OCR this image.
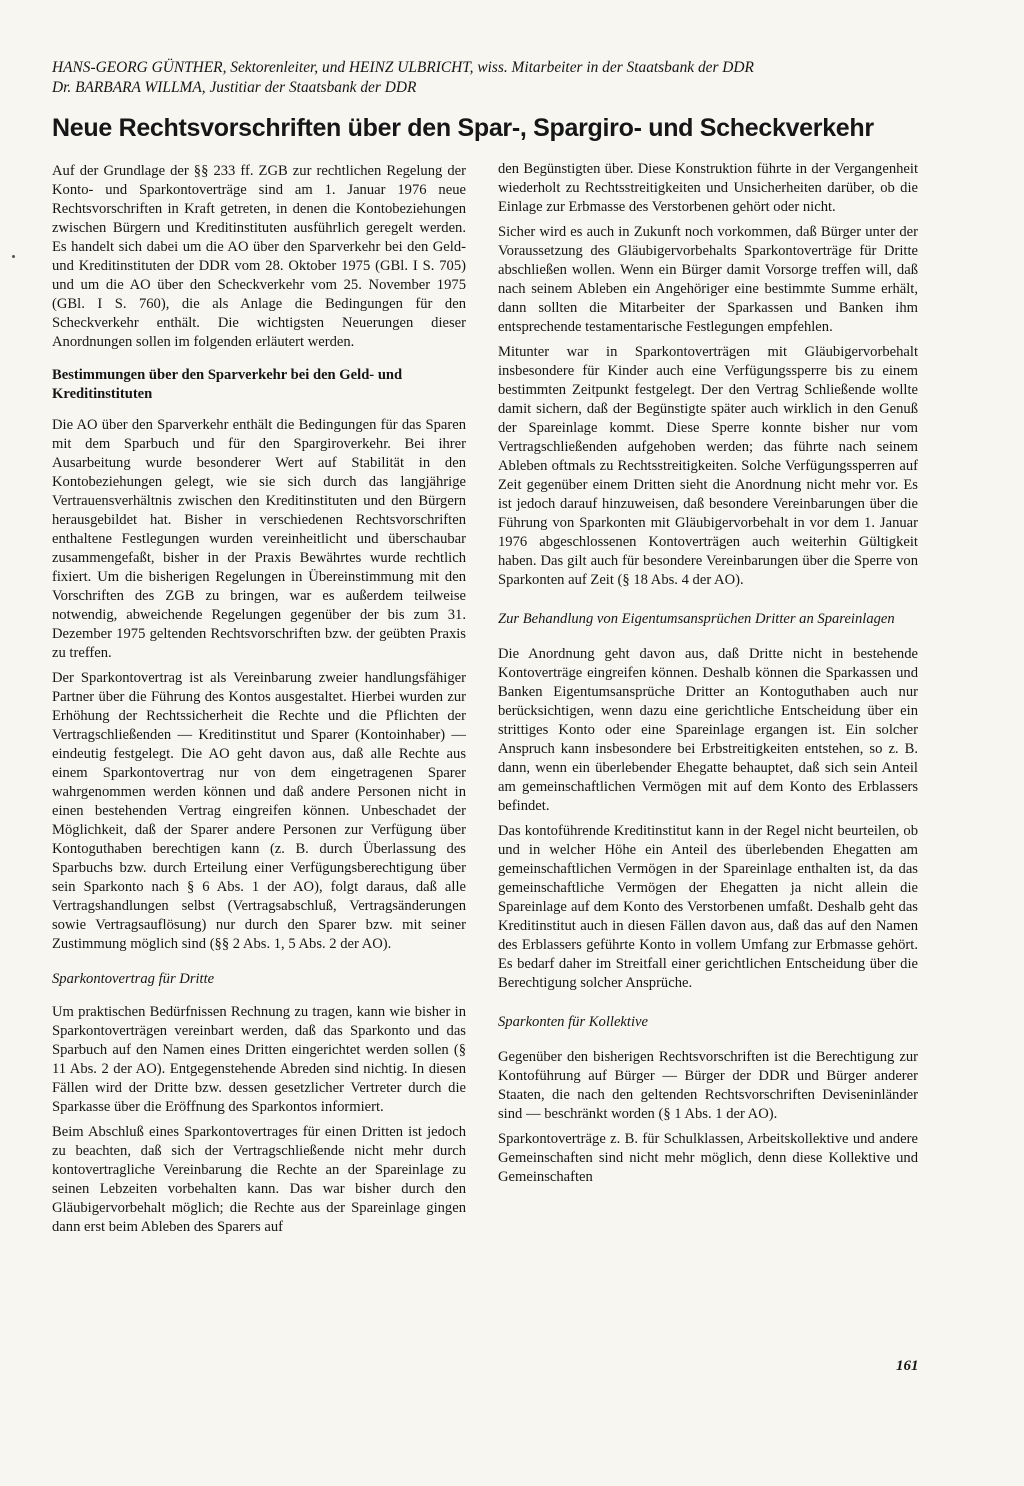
HANS-GEORG GÜNTHER, Sektorenleiter, und HEINZ ULBRICHT, wiss. Mitarbeiter in der Staatsbank der DDR
Dr. BARBARA WILLMA, Justitiar der Staatsbank der DDR
Neue Rechtsvorschriften über den Spar-, Spargiro- und Scheckverkehr

Auf der Grundlage der §§ 233 ff. ZGB zur rechtlichen Regelung der Konto- und Sparkontoverträge sind am 1. Januar 1976 neue Rechtsvorschriften in Kraft getreten, in denen die Kontobeziehungen zwischen Bürgern und Kreditinstituten ausführlich geregelt werden. Es handelt sich dabei um die AO über den Sparverkehr bei den Geld- und Kreditinstituten der DDR vom 28. Oktober 1975 (GBl. I S. 705) und um die AO über den Scheckverkehr vom 25. November 1975 (GBl. I S. 760), die als Anlage die Bedingungen für den Scheckverkehr enthält. Die wichtigsten Neuerungen dieser Anordnungen sollen im folgenden erläutert werden.

Bestimmungen über den Sparverkehr bei den Geld- und Kreditinstituten

Die AO über den Sparverkehr enthält die Bedingungen für das Sparen mit dem Sparbuch und für den Spargiroverkehr. Bei ihrer Ausarbeitung wurde besonderer Wert auf Stabilität in den Kontobeziehungen gelegt, wie sie sich durch das langjährige Vertrauensverhältnis zwischen den Kreditinstituten und den Bürgern herausgebildet hat. Bisher in verschiedenen Rechtsvorschriften enthaltene Festlegungen wurden vereinheitlicht und überschaubar zusammengefaßt, bisher in der Praxis Bewährtes wurde rechtlich fixiert. Um die bisherigen Regelungen in Übereinstimmung mit den Vorschriften des ZGB zu bringen, war es außerdem teilweise notwendig, abweichende Regelungen gegenüber der bis zum 31. Dezember 1975 geltenden Rechtsvorschriften bzw. der geübten Praxis zu treffen.

Der Sparkontovertrag ist als Vereinbarung zweier handlungsfähiger Partner über die Führung des Kontos ausgestaltet. Hierbei wurden zur Erhöhung der Rechtssicherheit die Rechte und die Pflichten der Vertragschließenden — Kreditinstitut und Sparer (Kontoinhaber) — eindeutig festgelegt. Die AO geht davon aus, daß alle Rechte aus einem Sparkontovertrag nur von dem eingetragenen Sparer wahrgenommen werden können und daß andere Personen nicht in einen bestehenden Vertrag eingreifen können. Unbeschadet der Möglichkeit, daß der Sparer andere Personen zur Verfügung über Kontoguthaben berechtigen kann (z. B. durch Überlassung des Sparbuchs bzw. durch Erteilung einer Verfügungsberechtigung über sein Sparkonto nach § 6 Abs. 1 der AO), folgt daraus, daß alle Vertragshandlungen selbst (Vertragsabschluß, Vertragsänderungen sowie Vertragsauflösung) nur durch den Sparer bzw. mit seiner Zustimmung möglich sind (§§ 2 Abs. 1, 5 Abs. 2 der AO).

Sparkontovertrag für Dritte

Um praktischen Bedürfnissen Rechnung zu tragen, kann wie bisher in Sparkontoverträgen vereinbart werden, daß das Sparkonto und das Sparbuch auf den Namen eines Dritten eingerichtet werden sollen (§ 11 Abs. 2 der AO). Entgegenstehende Abreden sind nichtig. In diesen Fällen wird der Dritte bzw. dessen gesetzlicher Vertreter durch die Sparkasse über die Eröffnung des Sparkontos informiert.

Beim Abschluß eines Sparkontovertrages für einen Dritten ist jedoch zu beachten, daß sich der Vertragschließende nicht mehr durch kontovertragliche Vereinbarung die Rechte an der Spareinlage zu seinen Lebzeiten vorbehalten kann. Das war bisher durch den Gläubigervorbehalt möglich; die Rechte aus der Spareinlage gingen dann erst beim Ableben des Sparers auf

den Begünstigten über. Diese Konstruktion führte in der Vergangenheit wiederholt zu Rechtsstreitigkeiten und Unsicherheiten darüber, ob die Einlage zur Erbmasse des Verstorbenen gehört oder nicht.

Sicher wird es auch in Zukunft noch vorkommen, daß Bürger unter der Voraussetzung des Gläubigervorbehalts Sparkontoverträge für Dritte abschließen wollen. Wenn ein Bürger damit Vorsorge treffen will, daß nach seinem Ableben ein Angehöriger eine bestimmte Summe erhält, dann sollten die Mitarbeiter der Sparkassen und Banken ihm entsprechende testamentarische Festlegungen empfehlen.

Mitunter war in Sparkontoverträgen mit Gläubigervorbehalt insbesondere für Kinder auch eine Verfügungssperre bis zu einem bestimmten Zeitpunkt festgelegt. Der den Vertrag Schließende wollte damit sichern, daß der Begünstigte später auch wirklich in den Genuß der Spareinlage kommt. Diese Sperre konnte bisher nur vom Vertragschließenden aufgehoben werden; das führte nach seinem Ableben oftmals zu Rechtsstreitigkeiten. Solche Verfügungssperren auf Zeit gegenüber einem Dritten sieht die Anordnung nicht mehr vor. Es ist jedoch darauf hinzuweisen, daß besondere Vereinbarungen über die Führung von Sparkonten mit Gläubigervorbehalt in vor dem 1. Januar 1976 abgeschlossenen Kontoverträgen auch weiterhin Gültigkeit haben. Das gilt auch für besondere Vereinbarungen über die Sperre von Sparkonten auf Zeit (§ 18 Abs. 4 der AO).

Zur Behandlung von Eigentumsansprüchen Dritter an Spareinlagen

Die Anordnung geht davon aus, daß Dritte nicht in bestehende Kontoverträge eingreifen können. Deshalb können die Sparkassen und Banken Eigentumsansprüche Dritter an Kontoguthaben auch nur berücksichtigen, wenn dazu eine gerichtliche Entscheidung über ein strittiges Konto oder eine Spareinlage ergangen ist. Ein solcher Anspruch kann insbesondere bei Erbstreitigkeiten entstehen, so z. B. dann, wenn ein überlebender Ehegatte behauptet, daß sich sein Anteil am gemeinschaftlichen Vermögen mit auf dem Konto des Erblassers befindet.

Das kontoführende Kreditinstitut kann in der Regel nicht beurteilen, ob und in welcher Höhe ein Anteil des überlebenden Ehegatten am gemeinschaftlichen Vermögen in der Spareinlage enthalten ist, da das gemeinschaftliche Vermögen der Ehegatten ja nicht allein die Spareinlage auf dem Konto des Verstorbenen umfaßt. Deshalb geht das Kreditinstitut auch in diesen Fällen davon aus, daß das auf den Namen des Erblassers geführte Konto in vollem Umfang zur Erbmasse gehört. Es bedarf daher im Streitfall einer gerichtlichen Entscheidung über die Berechtigung solcher Ansprüche.

Sparkonten für Kollektive

Gegenüber den bisherigen Rechtsvorschriften ist die Berechtigung zur Kontoführung auf Bürger — Bürger der DDR und Bürger anderer Staaten, die nach den geltenden Rechtsvorschriften Deviseninländer sind — beschränkt worden (§ 1 Abs. 1 der AO).

Sparkontoverträge z. B. für Schulklassen, Arbeitskollektive und andere Gemeinschaften sind nicht mehr möglich, denn diese Kollektive und Gemeinschaften

161
